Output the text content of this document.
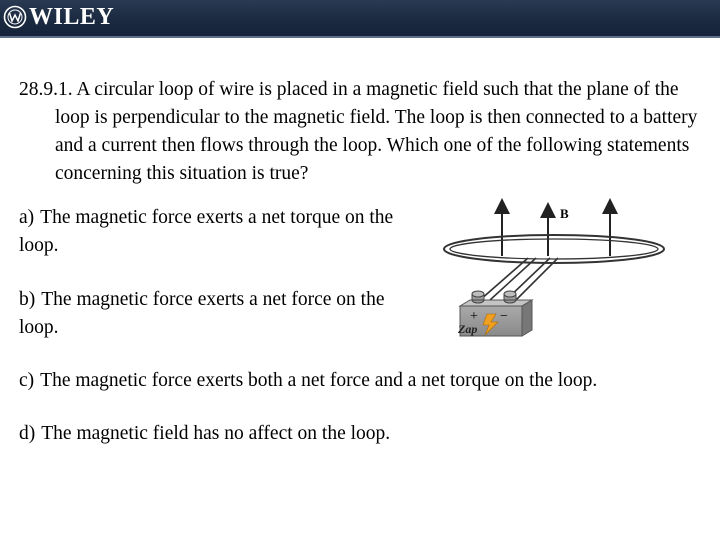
WILEY

28.9.1. A circular loop of wire is placed in a magnetic field such that the plane of the loop is perpendicular to the magnetic field. The loop is then connected to a battery and a current then flows through the loop. Which one of the following statements concerning this situation is true?

a) The magnetic force exerts a net torque on the loop.
b) The magnetic force exerts a net force on the loop.
c) The magnetic force exerts both a net force and a net torque on the loop.
d) The magnetic field has no affect on the loop.
B
+ −
Zap
